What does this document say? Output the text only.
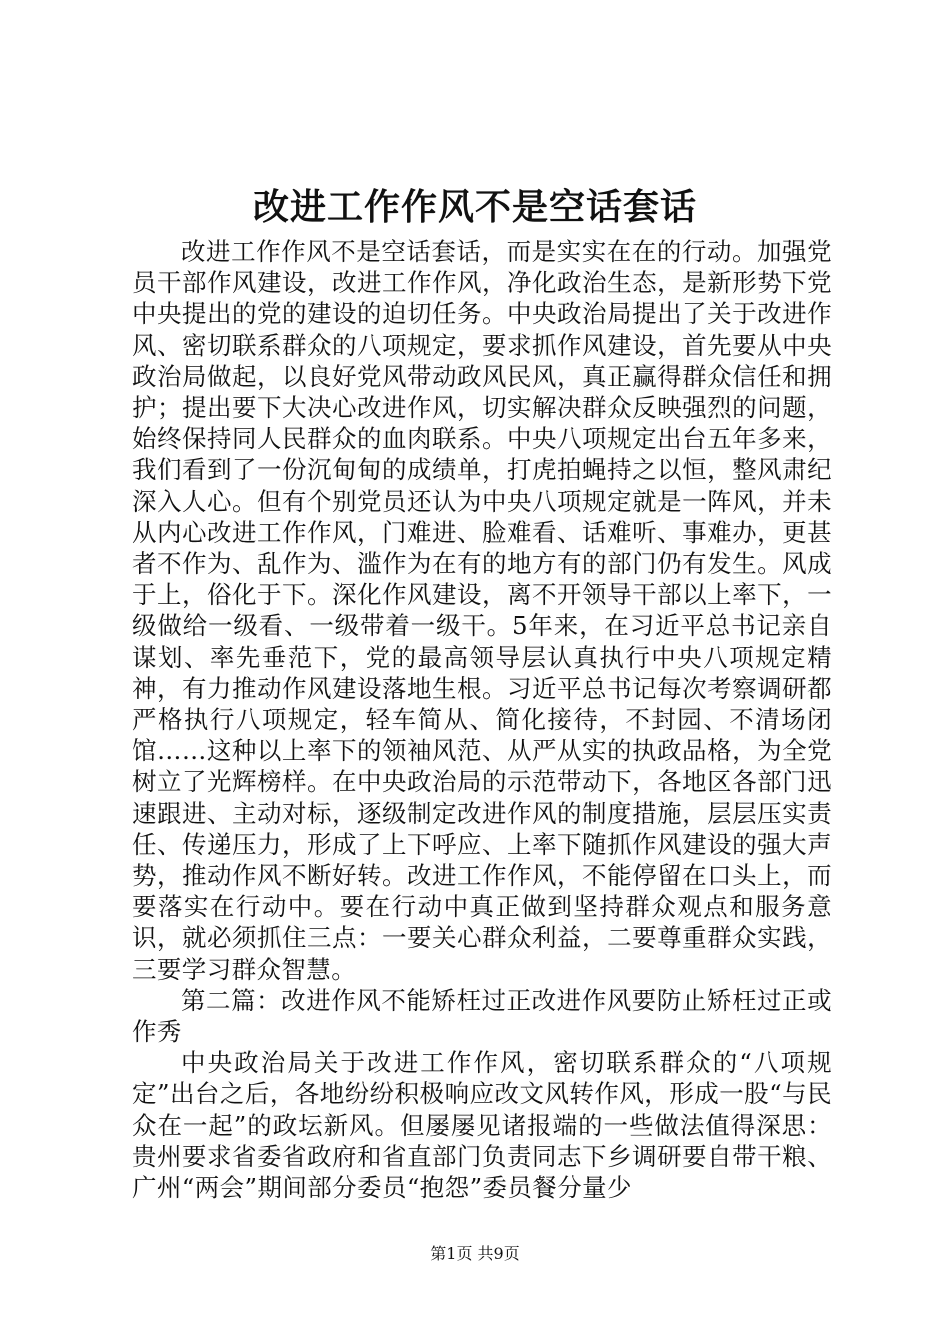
改进工作作风不是空话套话

改进工作作风不是空话套话，而是实实在在的行动。加强党员干部作风建设，改进工作作风，净化政治生态，是新形势下党中央提出的党的建设的迫切任务。中央政治局提出了关于改进作风、密切联系群众的八项规定，要求抓作风建设，首先要从中央政治局做起，以良好党风带动政风民风，真正赢得群众信任和拥护；提出要下大决心改进作风，切实解决群众反映强烈的问题，始终保持同人民群众的血肉联系。中央八项规定出台五年多来，我们看到了一份沉甸甸的成绩单，打虎拍蝇持之以恒，整风肃纪深入人心。但有个别党员还认为中央八项规定就是一阵风，并未从内心改进工作作风，门难进、脸难看、话难听、事难办，更甚者不作为、乱作为、滥作为在有的地方有的部门仍有发生。风成于上，俗化于下。深化作风建设，离不开领导干部以上率下，一级做给一级看、一级带着一级干。5年来，在习近平总书记亲自谋划、率先垂范下，党的最高领导层认真执行中央八项规定精神，有力推动作风建设落地生根。习近平总书记每次考察调研都严格执行八项规定，轻车简从、简化接待，不封园、不清场闭馆……这种以上率下的领袖风范、从严从实的执政品格，为全党树立了光辉榜样。在中央政治局的示范带动下，各地区各部门迅速跟进、主动对标，逐级制定改进作风的制度措施，层层压实责任、传递压力，形成了上下呼应、上率下随抓作风建设的强大声势，推动作风不断好转。改进工作作风，不能停留在口头上，而要落实在行动中。要在行动中真正做到坚持群众观点和服务意识，就必须抓住三点：一要关心群众利益，二要尊重群众实践，三要学习群众智慧。

第二篇：改进作风不能矫枉过正改进作风要防止矫枉过正或作秀

中央政治局关于改进工作作风，密切联系群众的“八项规定”出台之后，各地纷纷积极响应改文风转作风，形成一股“与民众在一起”的政坛新风。但屡屡见诸报端的一些做法值得深思：贵州要求省委省政府和省直部门负责同志下乡调研要自带干粮、广州“两会”期间部分委员“抱怨”委员餐分量少

第1页 共9页
